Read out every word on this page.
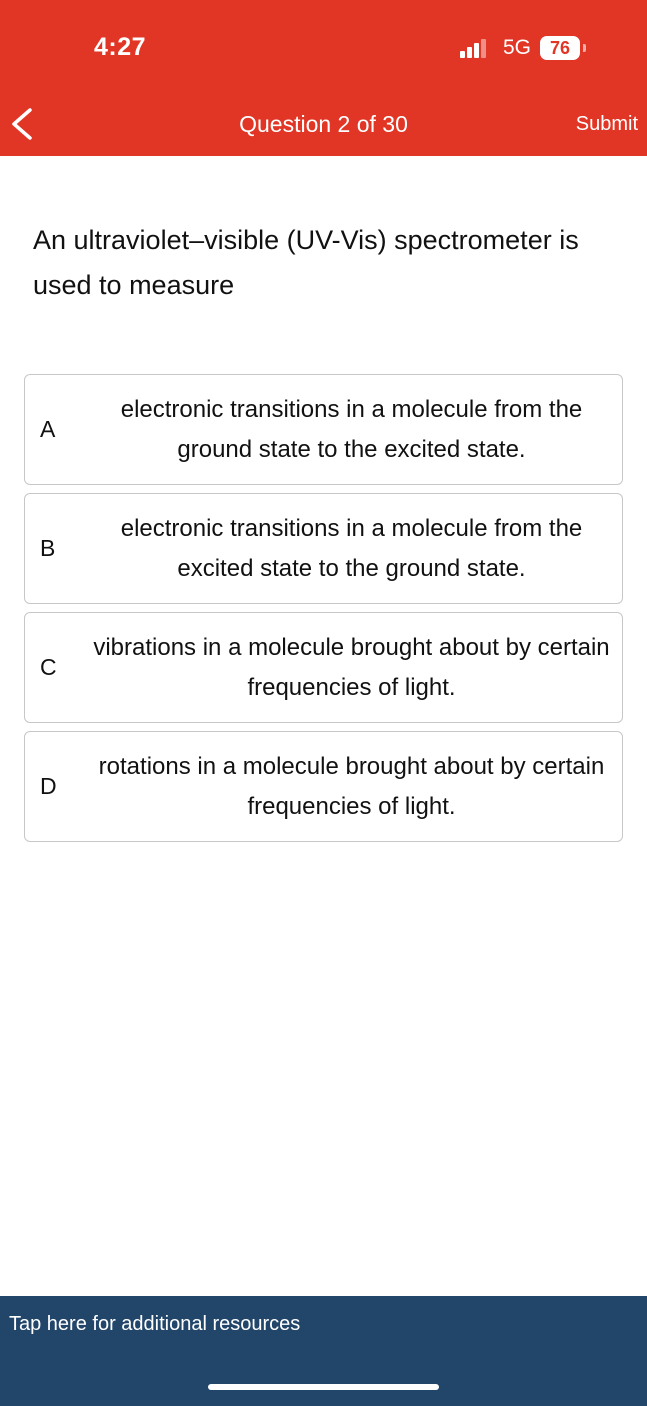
4:27	5G	76
Question 2 of 30	Submit
An ultraviolet–visible (UV-Vis) spectrometer is used to measure
A
electronic transitions in a molecule from the ground state to the excited state.
B
electronic transitions in a molecule from the excited state to the ground state.
C
vibrations in a molecule brought about by certain frequencies of light.
D
rotations in a molecule brought about by certain frequencies of light.
Tap here for additional resources
